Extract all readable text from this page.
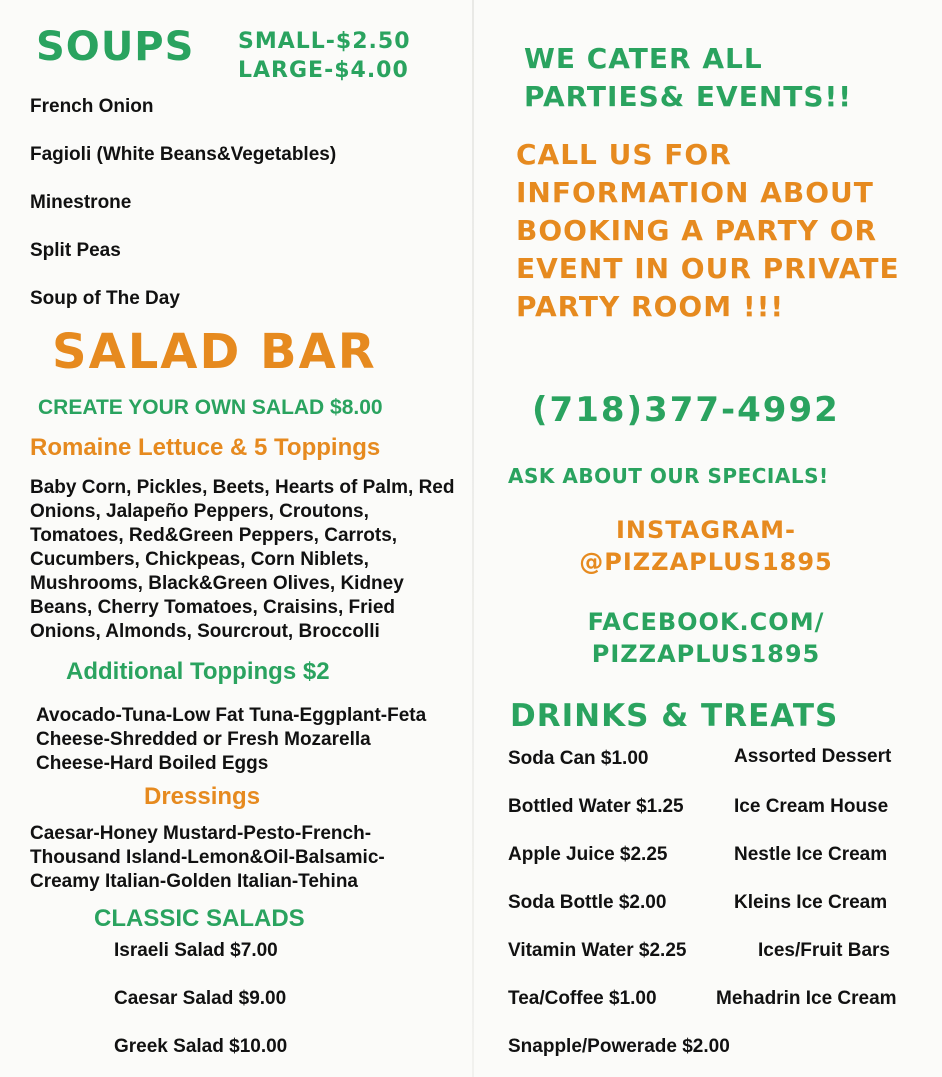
SOUPS SMALL-$2.50
LARGE-$4.00
French Onion
Fagioli (White Beans&Vegetables)
Minestrone
Split Peas
Soup of The Day
SALAD BAR
CREATE YOUR OWN SALAD $8.00
Romaine Lettuce & 5 Toppings
Baby Corn, Pickles, Beets, Hearts of Palm, Red Onions, Jalapeño Peppers, Croutons, Tomatoes, Red&Green Peppers, Carrots, Cucumbers, Chickpeas, Corn Niblets, Mushrooms, Black&Green Olives, Kidney Beans, Cherry Tomatoes, Craisins, Fried Onions, Almonds, Sourcrout, Broccolli
Additional Toppings $2
Avocado-Tuna-Low Fat Tuna-Eggplant-Feta Cheese-Shredded or Fresh Mozarella Cheese-Hard Boiled Eggs
Dressings
Caesar-Honey Mustard-Pesto-French-Thousand Island-Lemon&Oil-Balsamic-Creamy Italian-Golden Italian-Tehina
CLASSIC SALADS
Israeli Salad $7.00
Caesar Salad $9.00
Greek Salad $10.00
WE CATER ALL PARTIES& EVENTS!!
CALL US FOR INFORMATION ABOUT BOOKING A PARTY OR EVENT IN OUR PRIVATE PARTY ROOM !!!
(718)377-4992
ASK ABOUT OUR SPECIALS!
INSTAGRAM-
@PIZZAPLUS1895
FACEBOOK.COM/
PIZZAPLUS1895
DRINKS & TREATS
Soda Can $1.00
Bottled Water $1.25
Apple Juice $2.25
Soda Bottle $2.00
Vitamin Water $2.25
Tea/Coffee $1.00
Snapple/Powerade $2.00
Assorted Dessert
Ice Cream House
Nestle Ice Cream
Kleins Ice Cream
Ices/Fruit Bars
Mehadrin Ice Cream
